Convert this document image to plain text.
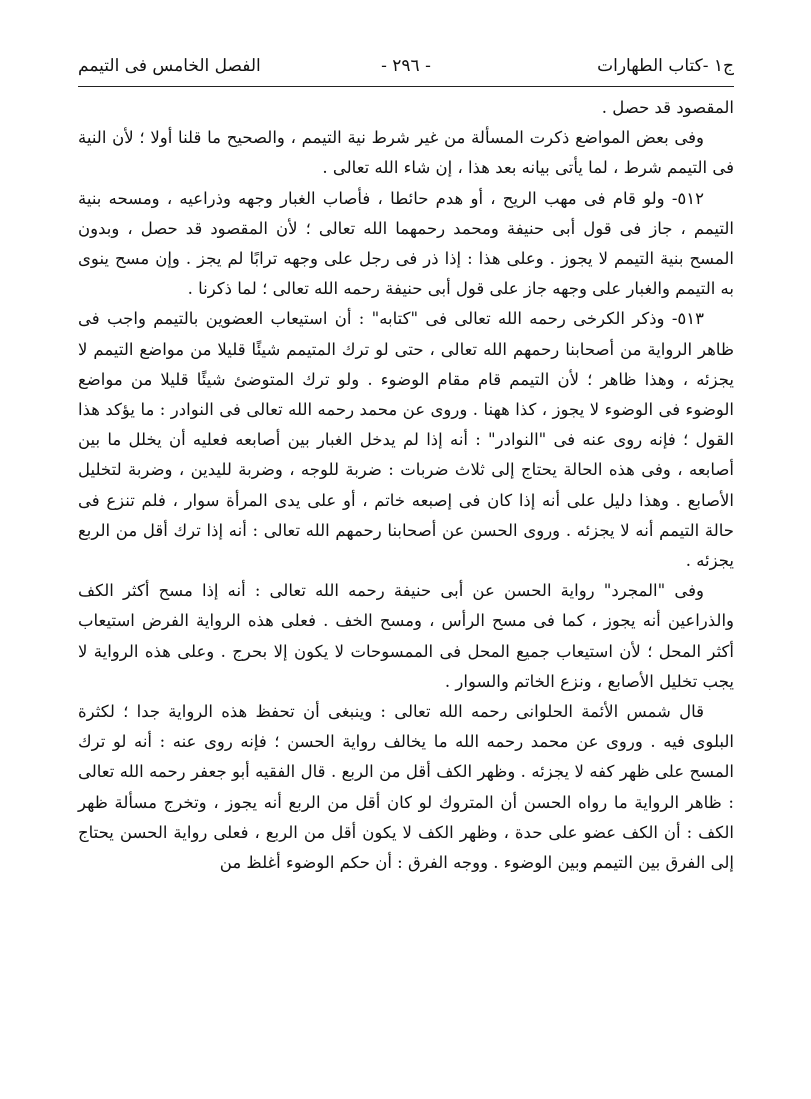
ج١ -كتاب الطهارات
- ٢٩٦ -
الفصل الخامس فى التيمم

المقصود قد حصل .

وفى بعض المواضع ذكرت المسألة من غير شرط نية التيمم ، والصحيح ما قلنا أولا ؛ لأن النية فى التيمم شرط ، لما يأتى بيانه بعد هذا ، إن شاء الله تعالى .

٥١٢- ولو قام فى مهب الريح ، أو هدم حائطا ، فأصاب الغبار وجهه وذراعيه ، ومسحه بنية التيمم ، جاز فى قول أبى حنيفة ومحمد رحمهما الله تعالى ؛ لأن المقصود قد حصل ، وبدون المسح بنية التيمم لا يجوز . وعلى هذا : إذا ذر فى رجل على وجهه ترابًا لم يجز . وإن مسح ينوى به التيمم والغبار على وجهه جاز على قول أبى حنيفة رحمه الله تعالى ؛ لما ذكرنا .

٥١٣- وذكر الكرخى رحمه الله تعالى فى "كتابه" : أن استيعاب العضوين بالتيمم واجب فى ظاهر الرواية من أصحابنا رحمهم الله تعالى ، حتى لو ترك المتيمم شيئًا قليلا من مواضع التيمم لا يجزئه ، وهذا ظاهر ؛ لأن التيمم قام مقام الوضوء . ولو ترك المتوضئ شيئًا قليلا من مواضع الوضوء فى الوضوء لا يجوز ، كذا ههنا . وروى عن محمد رحمه الله تعالى فى النوادر : ما يؤكد هذا القول ؛ فإنه روى عنه فى "النوادر" : أنه إذا لم يدخل الغبار بين أصابعه فعليه أن يخلل ما بين أصابعه ، وفى هذه الحالة يحتاج إلى ثلاث ضربات : ضربة للوجه ، وضربة لليدين ، وضربة لتخليل الأصابع . وهذا دليل على أنه إذا كان فى إصبعه خاتم ، أو على يدى المرأة سوار ، فلم تنزع فى حالة التيمم أنه لا يجزئه . وروى الحسن عن أصحابنا رحمهم الله تعالى : أنه إذا ترك أقل من الربع يجزئه .

وفى "المجرد" رواية الحسن عن أبى حنيفة رحمه الله تعالى : أنه إذا مسح أكثر الكف والذراعين أنه يجوز ، كما فى مسح الرأس ، ومسح الخف . فعلى هذه الرواية الفرض استيعاب أكثر المحل ؛ لأن استيعاب جميع المحل فى الممسوحات لا يكون إلا بحرج . وعلى هذه الرواية لا يجب تخليل الأصابع ، ونزع الخاتم والسوار .

قال شمس الأئمة الحلوانى رحمه الله تعالى : وينبغى أن تحفظ هذه الرواية جدا ؛ لكثرة البلوى فيه . وروى عن محمد رحمه الله ما يخالف رواية الحسن ؛ فإنه روى عنه : أنه لو ترك المسح على ظهر كفه لا يجزئه . وظهر الكف أقل من الربع . قال الفقيه أبو جعفر رحمه الله تعالى : ظاهر الرواية ما رواه الحسن أن المتروك لو كان أقل من الربع أنه يجوز ، وتخرج مسألة ظهر الكف : أن الكف عضو على حدة ، وظهر الكف لا يكون أقل من الربع ، فعلى رواية الحسن يحتاج إلى الفرق بين التيمم وبين الوضوء . ووجه الفرق : أن حكم الوضوء أغلظ من
